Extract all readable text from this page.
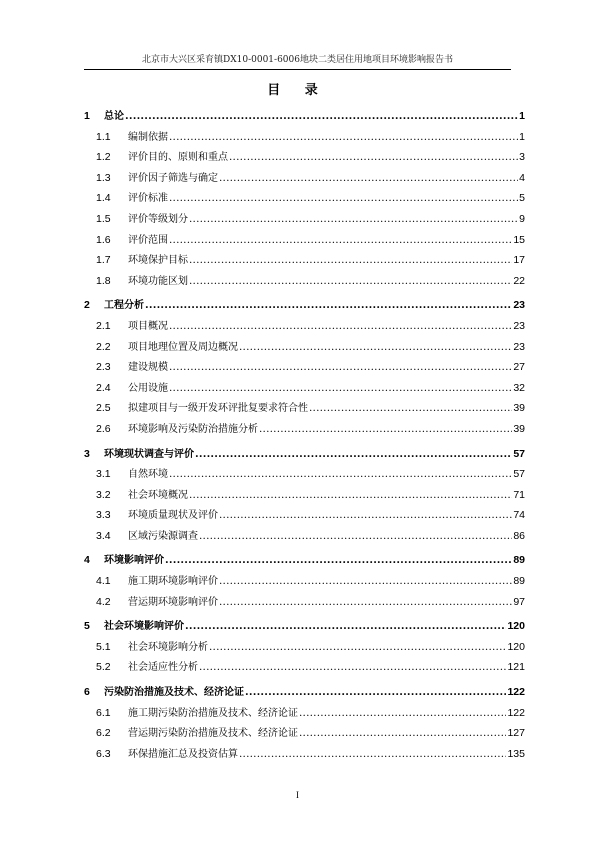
北京市大兴区采育镇DX10-0001-6006地块二类居住用地项目环境影响报告书
目 录
1	总论 .....	1
1.1	编制依据 .....	1
1.2	评价目的、原则和重点 .....	3
1.3	评价因子筛选与确定 .....	4
1.4	评价标准 .....	5
1.5	评价等级划分 .....	9
1.6	评价范围 .....	15
1.7	环境保护目标 .....	17
1.8	环境功能区划 .....	22
2	工程分析 .....	23
2.1	项目概况 .....	23
2.2	项目地理位置及周边概况 .....	23
2.3	建设规模 .....	27
2.4	公用设施 .....	32
2.5	拟建项目与一级开发环评批复要求符合性 .....	39
2.6	环境影响及污染防治措施分析 .....	39
3	环境现状调查与评价 .....	57
3.1	自然环境 .....	57
3.2	社会环境概况 .....	71
3.3	环境质量现状及评价 .....	74
3.4	区域污染源调查 .....	86
4	环境影响评价 .....	89
4.1	施工期环境影响评价 .....	89
4.2	营运期环境影响评价 .....	97
5	社会环境影响评价 .....	120
5.1	社会环境影响分析 .....	120
5.2	社会适应性分析 .....	121
6	污染防治措施及技术、经济论证 .....	122
6.1	施工期污染防治措施及技术、经济论证 .....	122
6.2	营运期污染防治措施及技术、经济论证 .....	127
6.3	环保措施汇总及投资估算 .....	135
I
